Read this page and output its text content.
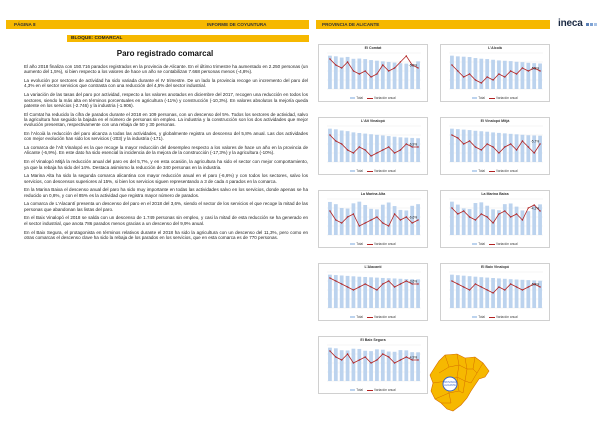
PÁGINA 8	INFORME DE COYUNTURA	PROVINCIA DE ALICANTE	ineca
BLOQUE: COMARCAL
Paro registrado comarcal

El año 2018 finaliza con 150.716 parados registrados en la provincia de Alicante. En el último trimestre ha aumentado en 2.250 personas (un aumento del 1,5%), si bien respecto a los valores de hace un año se contabilizan 7.668 personas menos (-4,8%).

La evolución por sectores de actividad ha sido variada durante el IV trimestre. De un lado la provincia recoge un incremento del paro del 4,3% en el sector servicios que contrasta con una reducción del 4,5% del sector industrial.

La variación de las tasas del paro por actividad, respecto a los valores anotados en diciembre del 2017, recogen una reducción en todos los sectores, siendo la más alta en términos porcentuales en agricultura (-11%) y construcción (-10,3%). En valores absolutos la mejoría queda patente en los servicios (-2.746) y la industria (-1.906).

El Comtat ha reducido la cifra de parados durante el 2018 en 109 personas, con un descenso del 5%. Todos los sectores de actividad, salvo la agricultura han seguido la bajada en el número de personas sin empleo. La industria y la construcción son los dos actividades que mejor evolución presentan, respectivamente con una rebaja de 50 y 30 personas.

En l'Alcoià la reducción del paro alcanza a todas las actividades, y globalmente registra un descenso del 5,8% anual. Las dos actividades con mejor evolución han sido los servicios (-203) y la industria (-171).

La comarca de l'Alt Vinalopó es la que recoge la mayor reducción del desempleo respecto a los valores de hace un año en la provincia de Alicante (-6,9%). En este dato ha sido esencial la incidencia de la mejora de la construcción (-17,3%) y la agricultura (-10%).

En el Vinalopó Mitjà la reducción anual del paro es del 5,7%, y en esta ocasión, la agricultura ha sido el sector con mejor comportamiento, ya que la rebaja ha sido del 14%. Destaca asimismo la reducción de 340 personas en la industria.

La Marina Alta ha sido la segunda comarca alicantina con mayor reducción anual en el paro (-6,6%) y con todos los sectores, salvo los servicios, con descensos superiores al 15%, si bien los servicios siguen representando a 3 de cada 4 parados en la comarca.

En la Marina Baixa el descenso anual del paro ha sido muy importante en todas las actividades salvo en los servicios, donde apenas se ha reducido un 0,8%, y con el 85% es la actividad que registra mayor número de parados.

La comarca de L'Alacantí presenta un descenso del paro en el 2018 del 3,6%, siendo el sector de los servicios el que recoge la mitad de las personas que abandonan las listas del paro.

En el Baix Vinalopó el 2018 se salda con un descenso de 1.749 personas sin empleo, y casi la mitad de esta reducción se ha generado en el sector industrial, que anota 786 parados menos gracias a un descenso del 9,9% anual.

En el Baix Segura, el protagonista en términos relativos durante el 2018 ha sido la agricultura con un descenso del 11,3%, pero como en otras comarcas el descenso clave ha sido la rebaja de los parados en los servicios, que en esta comarca es de 770 personas.

El Comtat
-5,0%
Total	Variación anual
L'Alcoià
-5,8%
Total	Variación anual
L'Alt Vinalopó
-6,9%
Total	Variación anual
El Vinalopó Mitjà
-5,7%
Total	Variación anual
La Marina Alta
-6,6%
Total	Variación anual
La Marina Baixa
-4,1%
Total	Variación anual
L'Alacantí
-3,6%
Total	Variación anual
El Baix Vinalopó
-5,4%
Total	Variación anual
El Baix Segura
-4,9%
Total	Variación anual
PROVINCIA
ALICANTE
